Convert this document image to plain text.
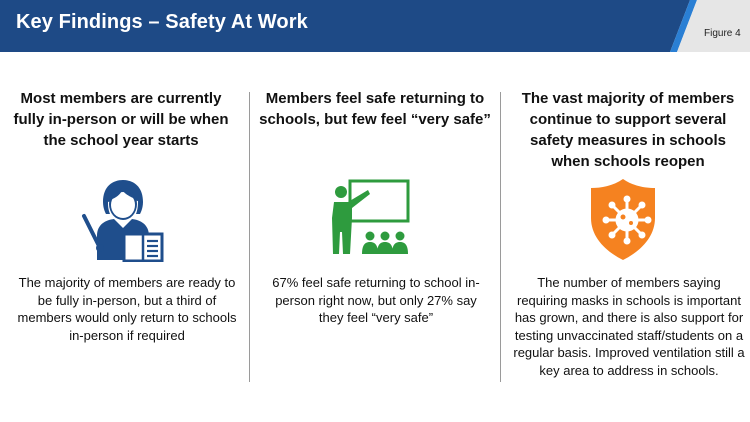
Key Findings – Safety At Work
Figure 4

Most members are currently fully in-person or will be when the school year starts

Members feel safe returning to schools, but few feel “very safe”

The vast majority of members continue to support several safety measures in schools when schools reopen

The majority of members are ready to be fully in-person, but a third of members would only return to schools in-person if required
67% feel safe returning to school in-person right now, but only 27% say they feel “very safe”
The number of members saying requiring masks in schools is important has grown, and there is also support for testing unvaccinated staff/students on a regular basis. Improved ventilation still a key area to address in schools.
